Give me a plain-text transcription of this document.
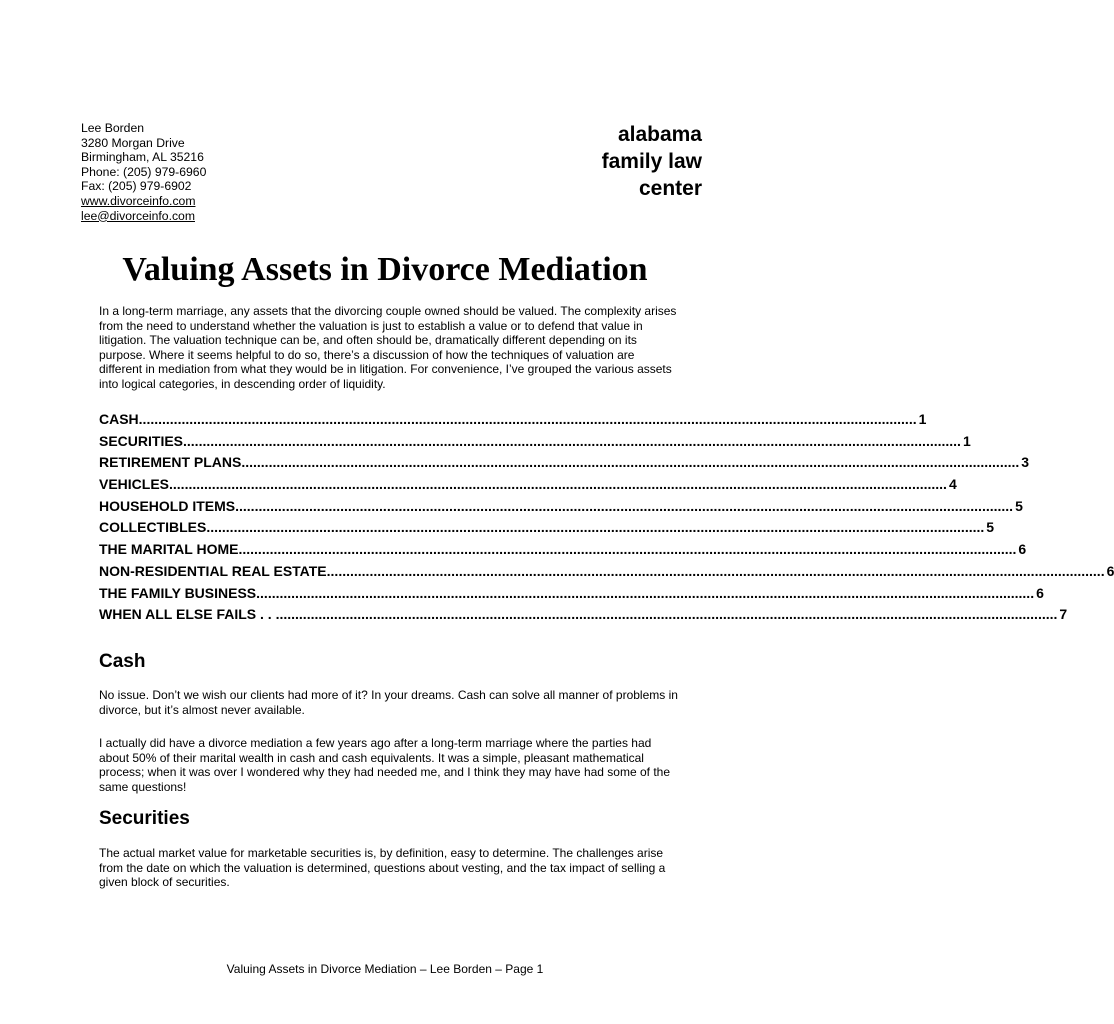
Lee Borden
3280 Morgan Drive
Birmingham, AL 35216
Phone: (205) 979-6960
Fax: (205) 979-6902
www.divorceinfo.com
lee@divorceinfo.com
alabama
family law
center
Valuing Assets in Divorce Mediation

In a long-term marriage, any assets that the divorcing couple owned should be valued. The complexity arises from the need to understand whether the valuation is just to establish a value or to defend that value in litigation. The valuation technique can be, and often should be, dramatically different depending on its purpose. Where it seems helpful to do so, there’s a discussion of how the techniques of valuation are different in mediation from what they would be in litigation. For convenience, I’ve grouped the various assets into logical categories, in descending order of liquidity.

CASH ........................................................................................................................................................................................................ 1
SECURITIES ........................................................................................................................................................................................................ 1
RETIREMENT PLANS ........................................................................................................................................................................................................ 3
VEHICLES ........................................................................................................................................................................................................ 4
HOUSEHOLD ITEMS ........................................................................................................................................................................................................ 5
COLLECTIBLES ........................................................................................................................................................................................................ 5
THE MARITAL HOME ........................................................................................................................................................................................................ 6
NON-RESIDENTIAL REAL ESTATE ........................................................................................................................................................................................................ 6
THE FAMILY BUSINESS ........................................................................................................................................................................................................ 6
WHEN ALL ELSE FAILS . . . ........................................................................................................................................................................................................ 7
Cash

No issue. Don’t we wish our clients had more of it? In your dreams. Cash can solve all manner of problems in divorce, but it’s almost never available.

I actually did have a divorce mediation a few years ago after a long-term marriage where the parties had about 50% of their marital wealth in cash and cash equivalents. It was a simple, pleasant mathematical process; when it was over I wondered why they had needed me, and I think they may have had some of the same questions!

Securities

The actual market value for marketable securities is, by definition, easy to determine. The challenges arise from the date on which the valuation is determined, questions about vesting, and the tax impact of selling a given block of securities.

Valuing Assets in Divorce Mediation – Lee Borden – Page 1
